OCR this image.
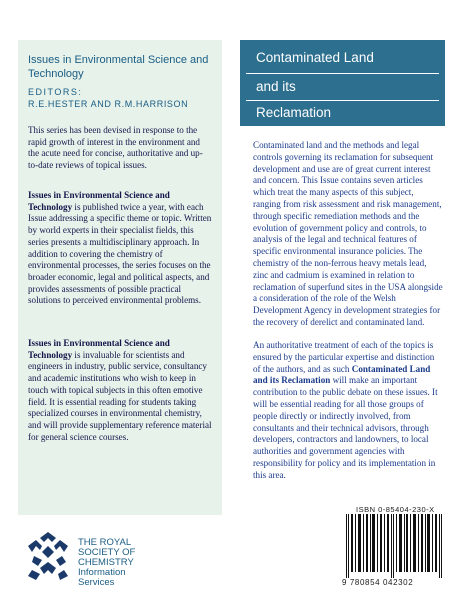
Issues in Environmental Science and Technology
EDITORS:
R.E.HESTER AND R.M.HARRISON
This series has been devised in response to the rapid growth of interest in the environment and the acute need for concise, authoritative and up-to-date reviews of topical issues.
Issues in Environmental Science and Technology is published twice a year, with each Issue addressing a specific theme or topic. Written by world experts in their specialist fields, this series presents a multidisciplinary approach. In addition to covering the chemistry of environmental processes, the series focuses on the broader economic, legal and political aspects, and provides assessments of possible practical solutions to perceived environmental problems.
Issues in Environmental Science and Technology is invaluable for scientists and engineers in industry, public service, consultancy and academic institutions who wish to keep in touch with topical subjects in this often emotive field. It is essential reading for students taking specialized courses in environmental chemistry, and will provide supplementary reference material for general science courses.
Contaminated Land
and its
Reclamation
Contaminated land and the methods and legal controls governing its reclamation for subsequent development and use are of great current interest and concern. This Issue contains seven articles which treat the many aspects of this subject, ranging from risk assessment and risk management, through specific remediation methods and the evolution of government policy and controls, to analysis of the legal and technical features of specific environmental insurance policies. The chemistry of the non-ferrous heavy metals lead, zinc and cadmium is examined in relation to reclamation of superfund sites in the USA alongside a consideration of the role of the Welsh Development Agency in development strategies for the recovery of derelict and contaminated land.
An authoritative treatment of each of the topics is ensured by the particular expertise and distinction of the authors, and as such Contaminated Land and its Reclamation will make an important contribution to the public debate on these issues. It will be essential reading for all those groups of people directly or indirectly involved, from consultants and their technical advisors, through developers, contractors and landowners, to local authorities and government agencies with responsibility for policy and its implementation in this area.
ISBN 0-85404-230-X
9 780854 042302
THE ROYAL
SOCIETY OF
CHEMISTRY
Information
Services
